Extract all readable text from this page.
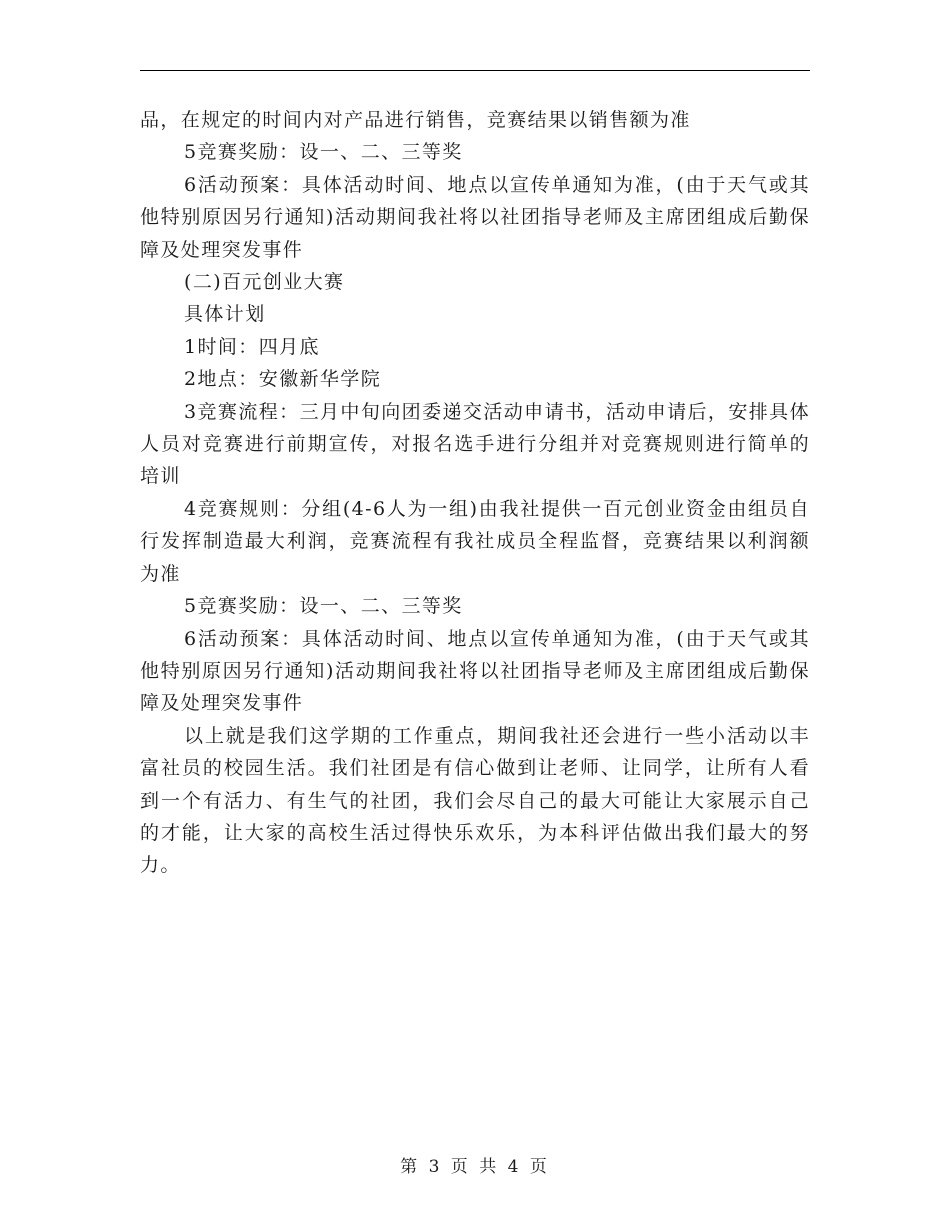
品，在规定的时间内对产品进行销售，竞赛结果以销售额为准

5竞赛奖励：设一、二、三等奖

6活动预案：具体活动时间、地点以宣传单通知为准，(由于天气或其他特别原因另行通知)活动期间我社将以社团指导老师及主席团组成后勤保障及处理突发事件

(二)百元创业大赛

具体计划

1时间：四月底

2地点：安徽新华学院

3竞赛流程：三月中旬向团委递交活动申请书，活动申请后，安排具体人员对竞赛进行前期宣传，对报名选手进行分组并对竞赛规则进行简单的培训

4竞赛规则：分组(4-6人为一组)由我社提供一百元创业资金由组员自行发挥制造最大利润，竞赛流程有我社成员全程监督，竞赛结果以利润额为准

5竞赛奖励：设一、二、三等奖

6活动预案：具体活动时间、地点以宣传单通知为准，(由于天气或其他特别原因另行通知)活动期间我社将以社团指导老师及主席团组成后勤保障及处理突发事件

以上就是我们这学期的工作重点，期间我社还会进行一些小活动以丰富社员的校园生活。我们社团是有信心做到让老师、让同学，让所有人看到一个有活力、有生气的社团，我们会尽自己的最大可能让大家展示自己的才能，让大家的高校生活过得快乐欢乐，为本科评估做出我们最大的努力。

第 3 页 共 4 页
